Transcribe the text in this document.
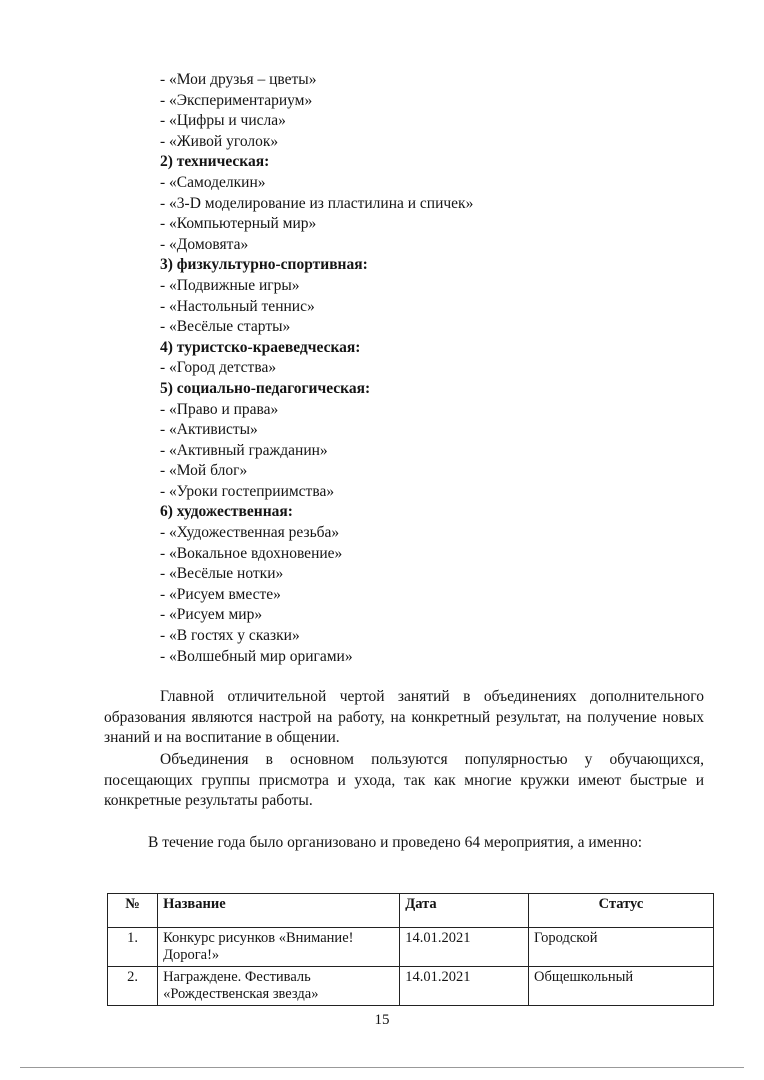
- «Мои друзья – цветы»
- «Экспериментариум»
- «Цифры и числа»
- «Живой уголок»
2) техническая:
- «Самоделкин»
- «3-D моделирование из пластилина и спичек»
- «Компьютерный мир»
- «Домовята»
3) физкультурно-спортивная:
- «Подвижные игры»
- «Настольный теннис»
- «Весёлые старты»
4) туристско-краеведческая:
- «Город детства»
5) социально-педагогическая:
- «Право и права»
- «Активисты»
- «Активный гражданин»
- «Мой блог»
- «Уроки гостеприимства»
6) художественная:
- «Художественная резьба»
- «Вокальное вдохновение»
- «Весёлые нотки»
- «Рисуем вместе»
- «Рисуем мир»
- «В гостях у сказки»
- «Волшебный мир оригами»
Главной отличительной чертой занятий в объединениях дополнительного образования являются настрой на работу, на конкретный результат, на получение новых знаний и на воспитание в общении.
Объединения в основном пользуются популярностью у обучающихся, посещающих группы присмотра и ухода, так как многие кружки имеют быстрые и конкретные результаты работы.
В течение года было организовано и проведено 64 мероприятия, а именно:
№	Название	Дата	Статус
1.	Конкурс рисунков «Внимание! Дорога!»	14.01.2021	Городской
2.	Награждене. Фестиваль «Рождественская звезда»	14.01.2021	Общешкольный
15
